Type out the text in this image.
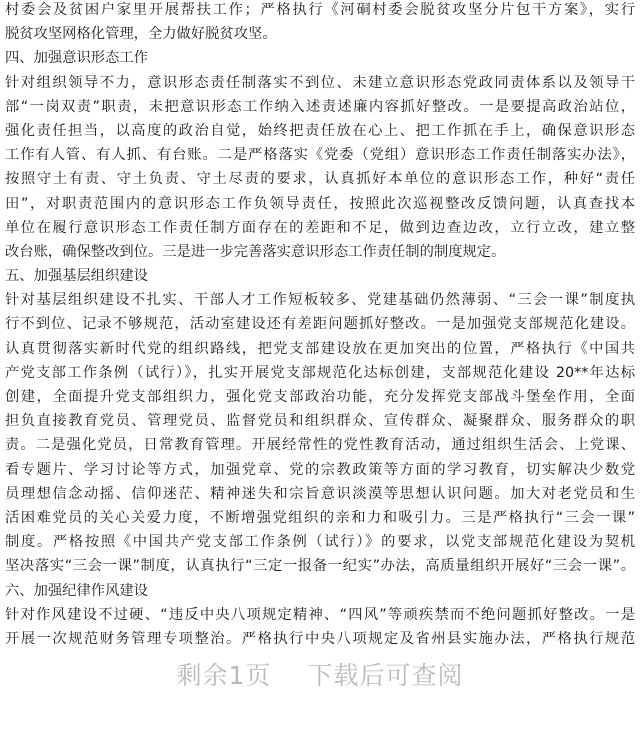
村委会及贫困户家里开展帮扶工作；严格执行《河硐村委会脱贫攻坚分片包干方案》，实行
脱贫攻坚网格化管理，全力做好脱贫攻坚。
四、加强意识形态工作
针对组织领导不力，意识形态责任制落实不到位、未建立意识形态党政同责体系以及领导干
部“一岗双责”职责，未把意识形态工作纳入述责述廉内容抓好整改。一是要提高政治站位，
强化责任担当，以高度的政治自觉，始终把责任放在心上、把工作抓在手上，确保意识形态
工作有人管、有人抓、有台账。二是严格落实《党委（党组）意识形态工作责任制落实办法》，
按照守土有责、守土负责、守土尽责的要求，认真抓好本单位的意识形态工作，种好“责任
田”，对职责范围内的意识形态工作负领导责任，按照此次巡视整改反馈问题，认真查找本
单位在履行意识形态工作责任制方面存在的差距和不足，做到边查边改，立行立改，建立整
改台账，确保整改到位。三是进一步完善落实意识形态工作责任制的制度规定。
五、加强基层组织建设
针对基层组织建设不扎实、干部人才工作短板较多、党建基础仍然薄弱、“三会一课”制度执
行不到位、记录不够规范，活动室建设还有差距问题抓好整改。一是加强党支部规范化建设。
认真贯彻落实新时代党的组织路线，把党支部建设放在更加突出的位置，严格执行《中国共
产党支部工作条例（试行）》，扎实开展党支部规范化达标创建，支部规范化建设 20**年达标
创建，全面提升党支部组织力，强化党支部政治功能，充分发挥党支部战斗堡垒作用，全面
担负直接教育党员、管理党员、监督党员和组织群众、宣传群众、凝聚群众、服务群众的职
责。二是强化党员，日常教育管理。开展经常性的党性教育活动，通过组织生活会、上党课、
看专题片、学习讨论等方式，加强党章、党的宗教政策等方面的学习教育，切实解决少数党
员理想信念动摇、信仰迷茫、精神迷失和宗旨意识淡漠等思想认识问题。加大对老党员和生
活困难党员的关心关爱力度，不断增强党组织的亲和力和吸引力。三是严格执行“三会一课”
制度。严格按照《中国共产党支部工作条例（试行）》的要求，以党支部规范化建设为契机
坚决落实“三会一课”制度，认真执行“三定一报备一纪实”办法，高质量组织开展好“三会一课”。
六、加强纪律作风建设
针对作风建设不过硬、“违反中央八项规定精神、“四风”等顽疾禁而不绝问题抓好整改。一是
开展一次规范财务管理专项整治。严格执行中央八项规定及省州县实施办法，严格执行规范
剩余1页 下载后可查阅
